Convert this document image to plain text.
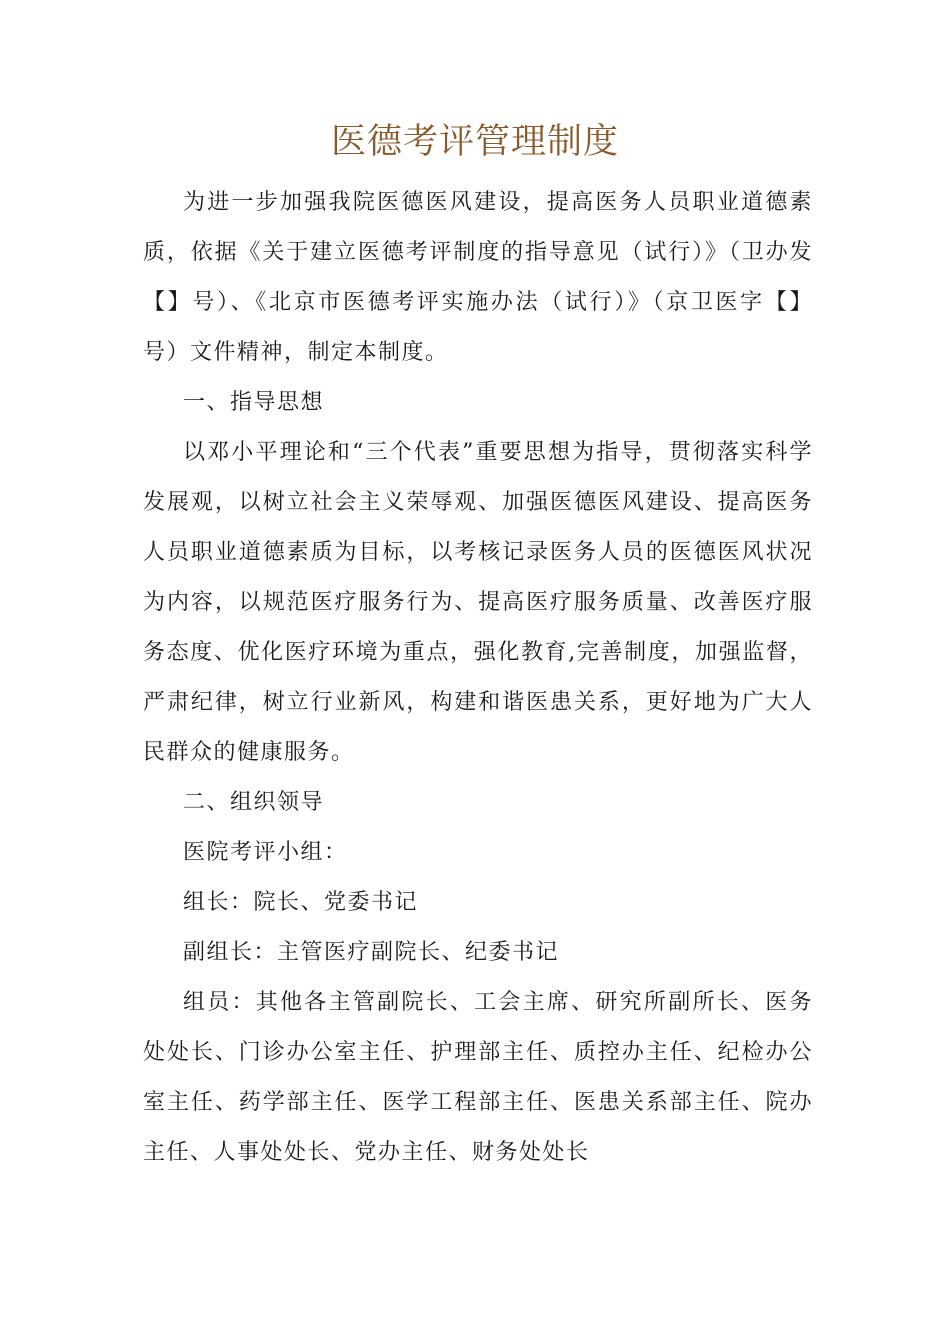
医德考评管理制度

为进一步加强我院医德医风建设，提高医务人员职业道德素质，依据《关于建立医德考评制度的指导意见（试行）》（卫办发【】号）、《北京市医德考评实施办法（试行）》（京卫医字【】号）文件精神，制定本制度。

一、指导思想

以邓小平理论和“三个代表”重要思想为指导，贯彻落实科学发展观，以树立社会主义荣辱观、加强医德医风建设、提高医务人员职业道德素质为目标，以考核记录医务人员的医德医风状况为内容，以规范医疗服务行为、提高医疗服务质量、改善医疗服务态度、优化医疗环境为重点，强化教育,完善制度，加强监督，严肃纪律，树立行业新风，构建和谐医患关系，更好地为广大人民群众的健康服务。

二、组织领导

医院考评小组：

组长：院长、党委书记

副组长：主管医疗副院长、纪委书记

组员：其他各主管副院长、工会主席、研究所副所长、医务处处长、门诊办公室主任、护理部主任、质控办主任、纪检办公室主任、药学部主任、医学工程部主任、医患关系部主任、院办主任、人事处处长、党办主任、财务处处长
